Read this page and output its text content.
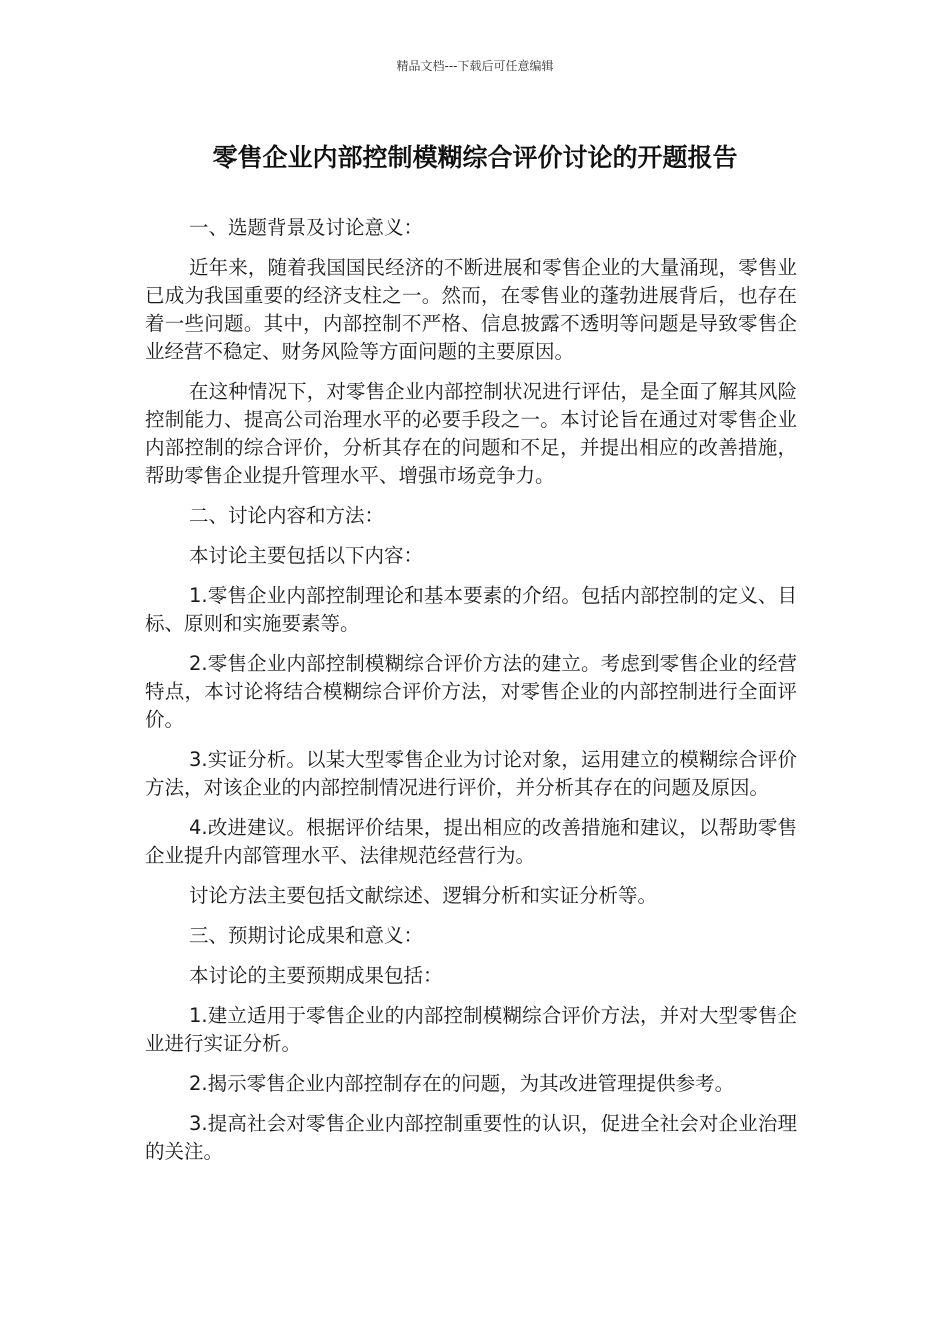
精品文档---下载后可任意编辑
零售企业内部控制模糊综合评价讨论的开题报告

一、选题背景及讨论意义：

近年来，随着我国国民经济的不断进展和零售企业的大量涌现，零售业已成为我国重要的经济支柱之一。然而，在零售业的蓬勃进展背后，也存在着一些问题。其中，内部控制不严格、信息披露不透明等问题是导致零售企业经营不稳定、财务风险等方面问题的主要原因。

在这种情况下，对零售企业内部控制状况进行评估，是全面了解其风险控制能力、提高公司治理水平的必要手段之一。本讨论旨在通过对零售企业内部控制的综合评价，分析其存在的问题和不足，并提出相应的改善措施，帮助零售企业提升管理水平、增强市场竞争力。

二、讨论内容和方法：

本讨论主要包括以下内容：

1.零售企业内部控制理论和基本要素的介绍。包括内部控制的定义、目标、原则和实施要素等。

2.零售企业内部控制模糊综合评价方法的建立。考虑到零售企业的经营特点，本讨论将结合模糊综合评价方法，对零售企业的内部控制进行全面评价。

3.实证分析。以某大型零售企业为讨论对象，运用建立的模糊综合评价方法，对该企业的内部控制情况进行评价，并分析其存在的问题及原因。

4.改进建议。根据评价结果，提出相应的改善措施和建议，以帮助零售企业提升内部管理水平、法律规范经营行为。

讨论方法主要包括文献综述、逻辑分析和实证分析等。

三、预期讨论成果和意义：

本讨论的主要预期成果包括：

1.建立适用于零售企业的内部控制模糊综合评价方法，并对大型零售企业进行实证分析。

2.揭示零售企业内部控制存在的问题，为其改进管理提供参考。

3.提高社会对零售企业内部控制重要性的认识，促进全社会对企业治理的关注。
